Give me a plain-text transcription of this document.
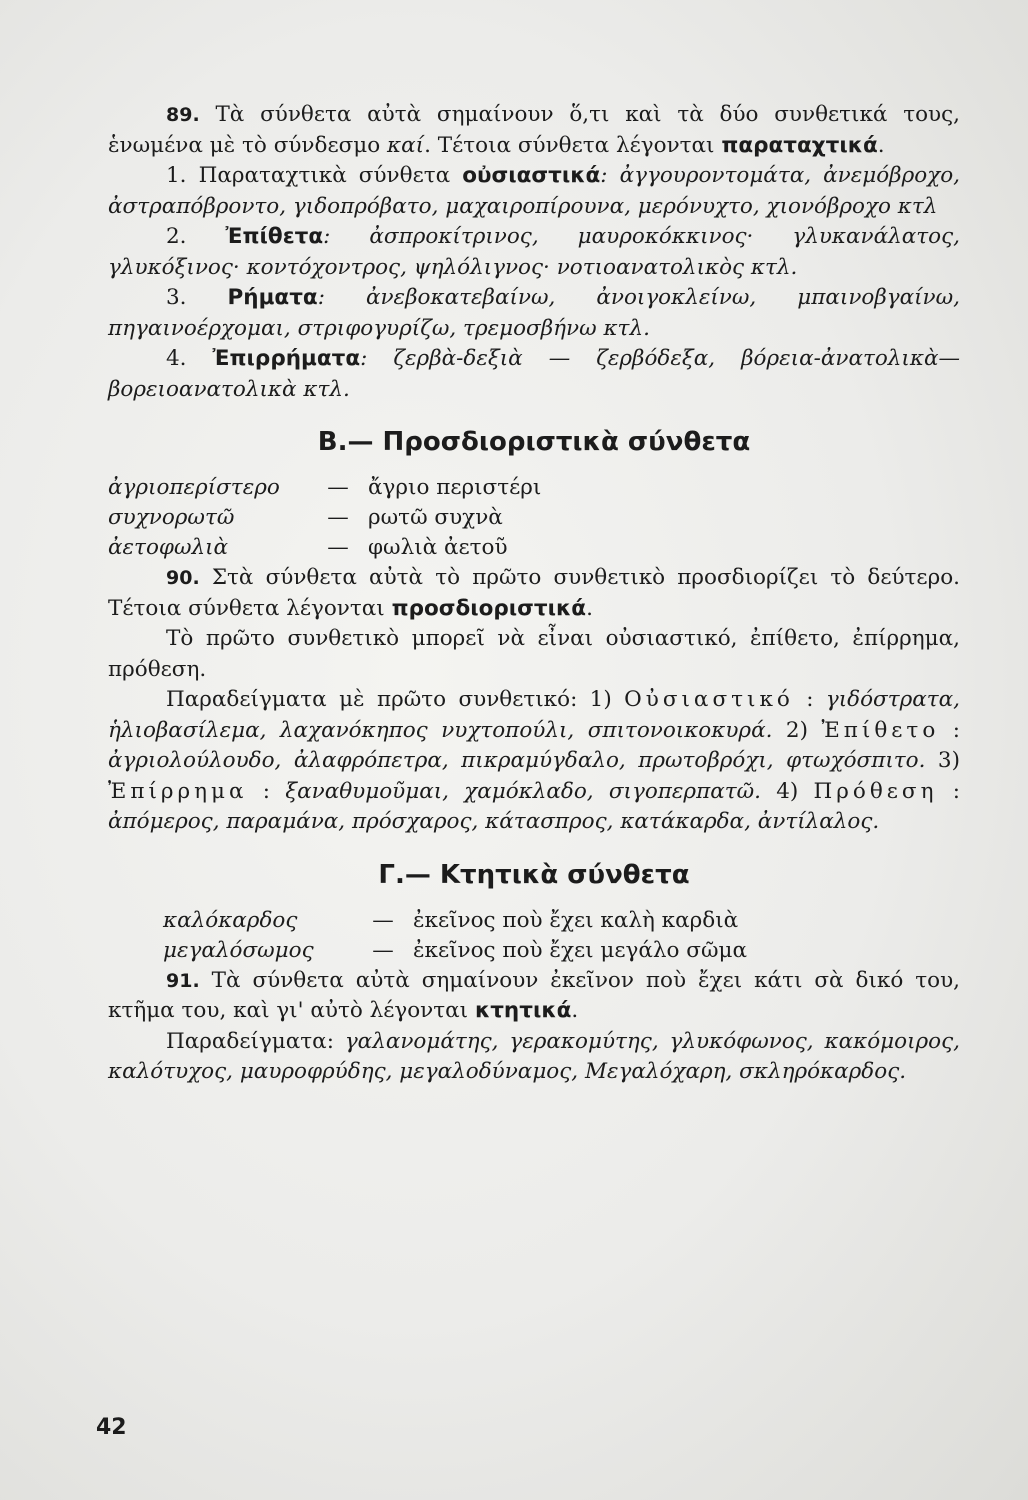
89. Τὰ σύνθετα αὐτὰ σημαίνουν ὅ,τι καὶ τὰ δύο συνθετικά τους, ἑνωμένα μὲ τὸ σύνδεσμο καί. Τέτοια σύνθετα λέγονται παραταχτικά.

1. Παραταχτικὰ σύνθετα οὐσιαστικά: ἀγγουροντομάτα, ἀνεμόβροχο, ἀστραπόβροντο, γιδοπρόβατο, μαχαιροπίρουνα, μερόνυχτο, χιονόβροχο κτλ

2. Ἐπίθετα: ἀσπροκίτρινος, μαυροκόκκινος· γλυκανάλατος, γλυκόξινος· κοντόχοντρος, ψηλόλιγνος· νοτιοανατολικὸς κτλ.

3. Ρήματα: ἀνεβοκατεβαίνω, ἀνοιγοκλείνω, μπαινοβγαίνω, πηγαινοέρχομαι, στριφογυρίζω, τρεμοσβήνω κτλ.

4. Ἐπιρρήματα: ζερβὰ-δεξιὰ — ζερβόδεξα, βόρεια-ἀνατολικὰ— βορειοανατολικὰ κτλ.

B.— Προσδιοριστικὰ σύνθετα
ἀγριοπερίστερο	— ἄγριο περιστέρι
συχνορωτῶ	— ρωτῶ συχνὰ
ἀετοφωλιὰ	— φωλιὰ ἀετοῦ

90. Στὰ σύνθετα αὐτὰ τὸ πρῶτο συνθετικὸ προσδιορίζει τὸ δεύτερο. Τέτοια σύνθετα λέγονται προσδιοριστικά.

Τὸ πρῶτο συνθετικὸ μπορεῖ νὰ εἶναι οὐσιαστικό, ἐπίθετο, ἐπίρρημα, πρόθεση.

Παραδείγματα μὲ πρῶτο συνθετικό: 1) Οὐσιαστικό : γιδόστρατα, ἡλιοβασίλεμα, λαχανόκηπος νυχτοπούλι, σπιτονοικοκυρά. 2) Ἐπίθετο : ἀγριολούλουδο, ἀλαφρόπετρα, πικραμύγδαλο, πρωτοβρόχι, φτωχόσπιτο. 3) Ἐπίρρημα : ξαναθυμοῦμαι, χαμόκλαδο, σιγοπερπατῶ. 4) Πρόθεση : ἀπόμερος, παραμάνα, πρόσχαρος, κάτασπρος, κατάκαρδα, ἀντίλαλος.

Γ.— Κτητικὰ σύνθετα
καλόκαρδος	— ἐκεῖνος ποὺ ἔχει καλὴ καρδιὰ
μεγαλόσωμος	— ἐκεῖνος ποὺ ἔχει μεγάλο σῶμα

91. Τὰ σύνθετα αὐτὰ σημαίνουν ἐκεῖνον ποὺ ἔχει κάτι σὰ δικό του, κτῆμα του, καὶ γι' αὐτὸ λέγονται κτητικά.

Παραδείγματα: γαλανομάτης, γερακομύτης, γλυκόφωνος, κακόμοιρος, καλότυχος, μαυροφρύδης, μεγαλοδύναμος, Μεγαλόχαρη, σκληρόκαρδος.

42
